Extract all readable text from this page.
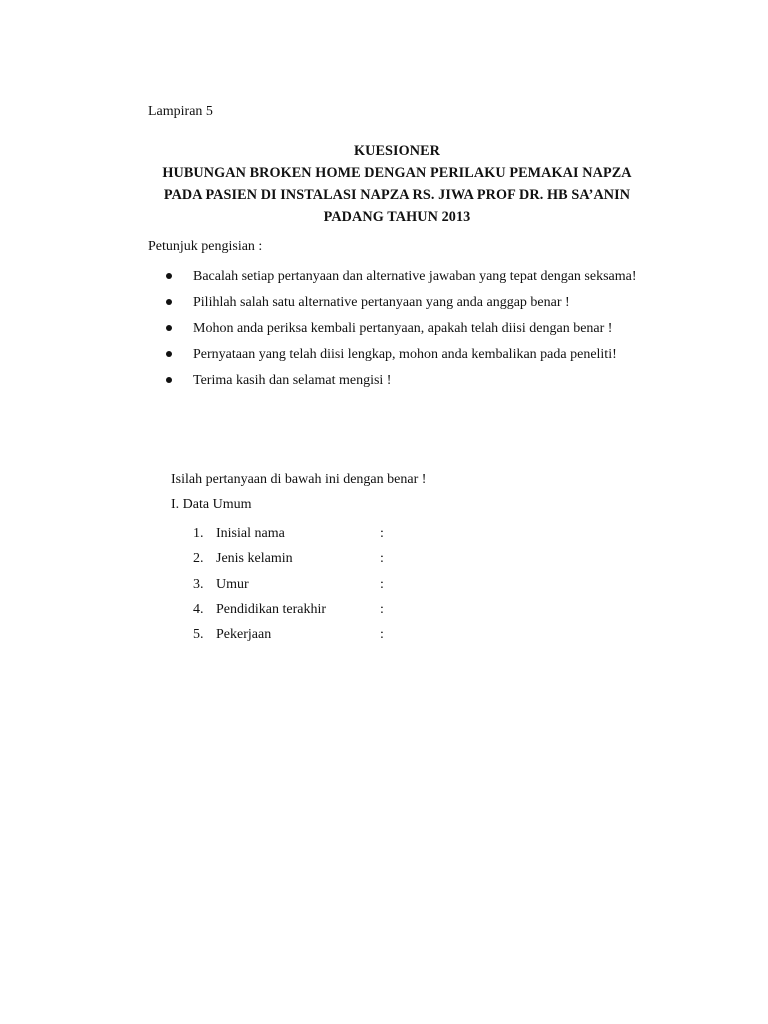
Lampiran 5
KUESIONER
HUBUNGAN BROKEN HOME DENGAN PERILAKU PEMAKAI NAPZA
PADA PASIEN DI INSTALASI NAPZA RS. JIWA PROF DR. HB SA’ANIN
PADANG TAHUN 2013
Petunjuk pengisian :
Bacalah setiap pertanyaan dan alternative jawaban yang tepat dengan seksama!
Pilihlah salah satu alternative pertanyaan yang anda anggap benar !
Mohon anda periksa kembali pertanyaan, apakah telah diisi dengan benar !
Pernyataan yang telah diisi lengkap, mohon anda kembalikan pada peneliti!
Terima kasih dan selamat mengisi !
Isilah pertanyaan di bawah ini dengan benar !
I. Data Umum
1. Inisial nama	:
2. Jenis kelamin	:
3. Umur	:
4. Pendidikan terakhir	:
5. Pekerjaan	:
